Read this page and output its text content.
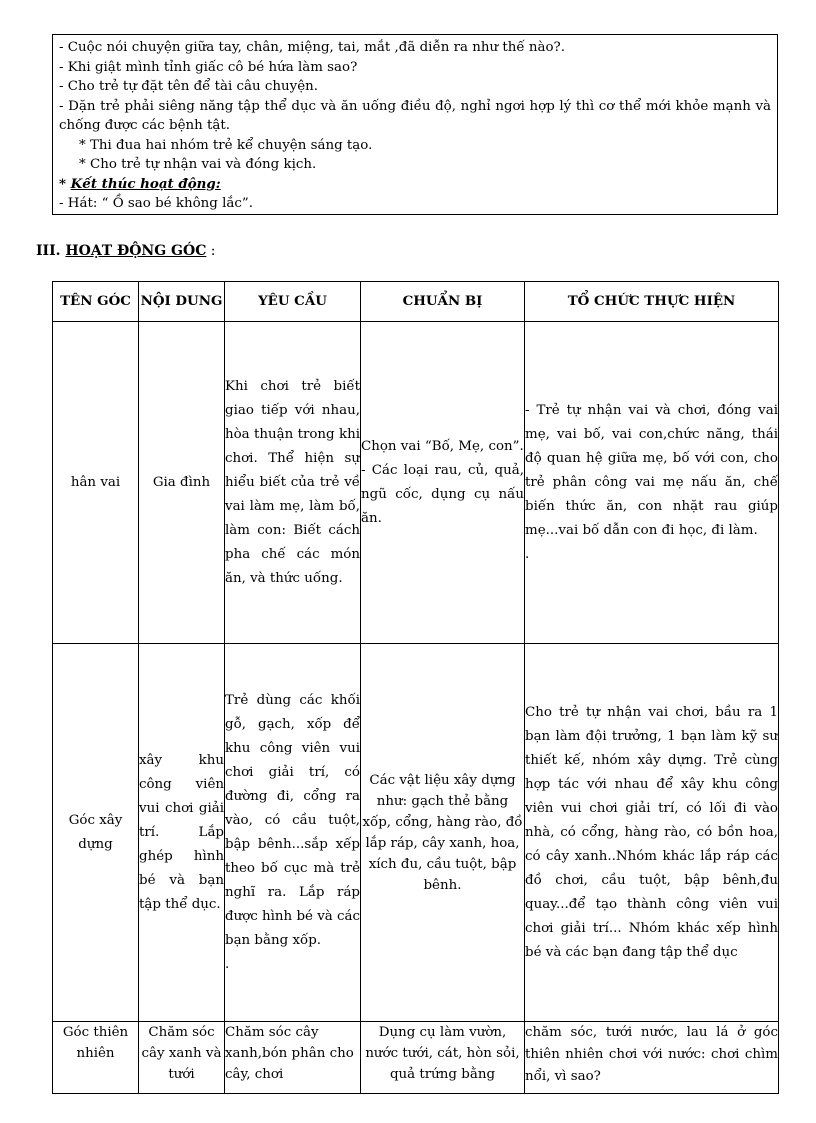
- Cuộc nói chuyện giữa tay, chân, miệng, tai, mắt ,đã diễn ra như thế nào?.

- Khi giật mình tỉnh giấc cô bé hứa làm sao?

- Cho trẻ tự đặt tên để tài câu chuyện.

- Dặn trẻ phải siêng năng tập thể dục và ăn uống điều độ, nghỉ ngơi hợp lý thì cơ thể mới khỏe mạnh và chống được các bệnh tật.

* Thi đua hai nhóm trẻ kể chuyện sáng tạo.

* Cho trẻ tự nhận vai và đóng kịch.

* Kết thúc hoạt động:

- Hát: “ Ồ sao bé không lắc”.

III. HOẠT ĐỘNG GÓC :
TÊN GÓC	NỘI DUNG	YÊU CẦU	CHUẨN BỊ	TỔ CHỨC THỰC HIỆN
hân vai	Gia đình	Khi chơi trẻ biết giao tiếp với nhau, hòa thuận trong khi chơi. Thể hiện sự hiểu biết của trẻ về vai làm mẹ, làm bố, làm con: Biết cách pha chế các món ăn, và thức uống.	Chọn vai “Bố, Mẹ, con”.
- Các loại rau, củ, quả, ngũ cốc, dụng cụ nấu ăn.	- Trẻ tự nhận vai và chơi, đóng vai mẹ, vai bố, vai con,chức năng, thái độ quan hệ giữa mẹ, bố với con, cho trẻ phân công vai mẹ nấu ăn, chế biến thức ăn, con nhặt rau giúp mẹ...vai bố dẫn con đi học, đi làm.
.
Góc xây dựng	xây khu công viên vui chơi giải trí. Lắp ghép hình bé và bạn tập thể dục.	Trẻ dùng các khối gỗ, gạch, xốp để khu công viên vui chơi giải trí, có đường đi, cổng ra vào, có cầu tuột, bập bênh...sắp xếp theo bố cục mà trẻ nghĩ ra. Lắp ráp được hình bé và các bạn bằng xốp.
.	Các vật liệu xây dựng như: gạch thẻ bằng xốp, cổng, hàng rào, đồ lắp ráp, cây xanh, hoa, xích đu, cầu tuột, bập bênh.	Cho trẻ tự nhận vai chơi, bầu ra 1 bạn làm đội trưởng, 1 bạn làm kỹ sư thiết kế, nhóm xây dựng. Trẻ cùng hợp tác với nhau để xây khu công viên vui chơi giải trí, có lối đi vào nhà, có cổng, hàng rào, có bồn hoa, có cây xanh..Nhóm khác lắp ráp các đồ chơi, cầu tuột, bập bênh,đu quay...để tạo thành công viên vui chơi giải trí... Nhóm khác xếp hình bé và các bạn đang tập thể dục
Góc thiên nhiên	Chăm sóc cây xanh và tưới	Chăm sóc cây xanh,bón phân cho cây, chơi	Dụng cụ làm vườn, nước tưới, cát, hòn sỏi, quả trứng bằng	chăm sóc, tưới nước, lau lá ở góc thiên nhiên chơi với nước: chơi chìm nổi, vì sao?
